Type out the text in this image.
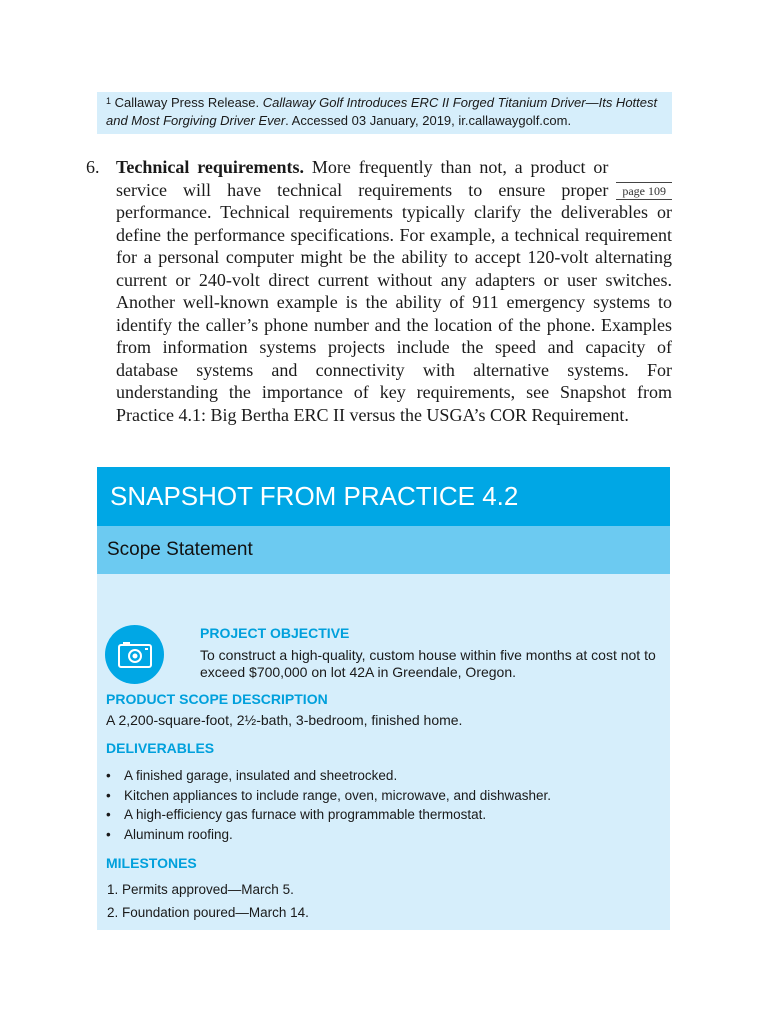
$^1$ Callaway Press Release. Callaway Golf Introduces ERC II Forged Titanium Driver—Its Hottest and Most Forgiving Driver Ever. Accessed 03 January, 2019, ir.callawaygolf.com.
6.
page 109
Technical requirements. More frequently than not, a product or service will have technical requirements to ensure proper performance. Technical requirements typically clarify the deliverables or define the performance specifications. For example, a technical requirement for a personal computer might be the ability to accept 120-volt alternating current or 240-volt direct current without any adapters or user switches. Another well-known example is the ability of 911 emergency systems to identify the caller’s phone number and the location of the phone. Examples from information systems projects include the speed and capacity of database systems and connectivity with alternative systems. For understanding the importance of key requirements, see Snapshot from Practice 4.1: Big Bertha ERC II versus the USGA’s COR Requirement.
SNAPSHOT FROM PRACTICE 4.2
Scope Statement
PROJECT OBJECTIVE
To construct a high-quality, custom house within five months at cost not to exceed $700,000 on lot 42A in Greendale, Oregon.
PRODUCT SCOPE DESCRIPTION
A 2,200-square-foot, 2½-bath, 3-bedroom, finished home.
DELIVERABLES
• A finished garage, insulated and sheetrocked.
• Kitchen appliances to include range, oven, microwave, and dishwasher.
• A high-efficiency gas furnace with programmable thermostat.
• Aluminum roofing.
MILESTONES
1. Permits approved—March 5.
2. Foundation poured—March 14.
